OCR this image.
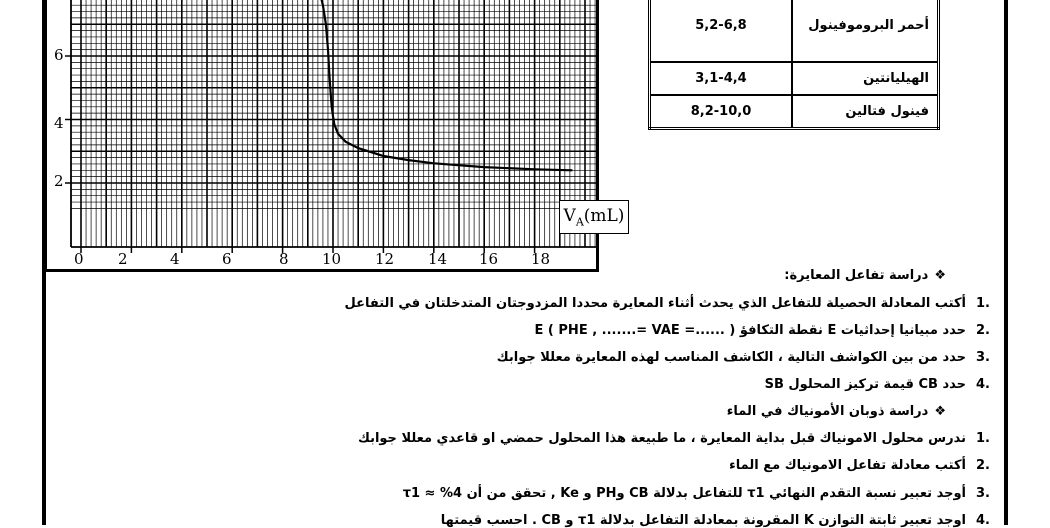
$V_A(mL)$
6
4
2
0 2	4	6	8 10 12 14 16 18
5,2-6,8	أحمر البروموفينول
3,1-4,4	الهيليانتين
8,2-10,0	فينول فتالين
❖دراسة تفاعل المعايرة:
.1أكتب المعادلة الحصيلة للتفاعل الذي يحدث أثناء المعايرة محددا المزدوجتان المتدخلتان في التفاعل
.2حدد مبيانيا إحداثيات E نقطة التكافؤ ( ......= PHE , .......= VAE ) E
.3حدد من بين الكواشف التالية ، الكاشف المناسب لهذه المعايرة معللا جوابك
.4حدد CB قيمة تركيز المحلول SB
❖دراسة ذوبان الأمونياك في الماء
.1ندرس محلول الامونياك قبل بداية المعايرة ، ما طبيعة هذا المحلول حمضي او قاعدي معللا جوابك
.2أكتب معادلة تفاعل الامونياك مع الماء
.3أوجد تعبير نسبة التقدم النهائي τ1 للتفاعل بدلالة CB وPH و Ke , تحقق من أن 4% ≈ τ1
.4اوجد تعبير ثابتة التوازن K المقرونة بمعادلة التفاعل بدلالة τ1 و CB . احسب قيمتها
